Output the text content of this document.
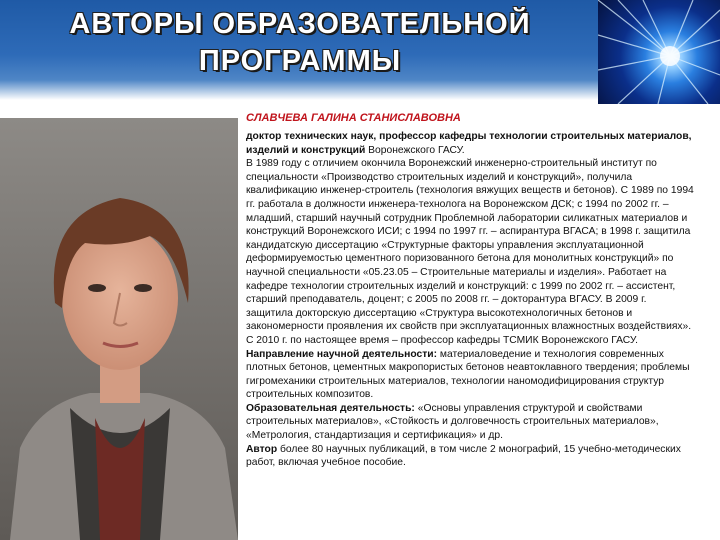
АВТОРЫ ОБРАЗОВАТЕЛЬНОЙ
ПРОГРАММЫ
СЛАВЧЕВА ГАЛИНА СТАНИСЛАВОВНА

доктор технических наук, профессор кафедры технологии строительных материалов, изделий и конструкций Воронежского ГАСУ.
В 1989 году с отличием окончила Воронежский инженерно-строительный институт по специальности «Производство строительных изделий и конструкций», получила квалификацию инженер-строитель (технология вяжущих веществ и бетонов). С 1989 по 1994 гг. работала в должности инженера-технолога на Воронежском ДСК; с 1994 по 2002 гг. – младший, старший научный сотрудник Проблемной лаборатории силикатных материалов и конструкций Воронежского ИСИ; с 1994 по 1997 гг. – аспирантура ВГАСА; в 1998 г. защитила кандидатскую диссертацию «Структурные факторы управления эксплуатационной деформируемостью цементного поризованного бетона для монолитных конструкций» по научной специальности «05.23.05 – Строительные материалы и изделия». Работает на кафедре технологии строительных изделий и конструкций: с 1999 по 2002 гг. – ассистент, старший преподаватель, доцент; с 2005 по 2008 гг. – докторантура ВГАСУ. В 2009 г. защитила докторскую диссертацию «Структура высокотехнологичных бетонов и закономерности проявления их свойств при эксплуатационных влажностных воздействиях». С 2010 г. по настоящее время – профессор кафедры ТСМИК Воронежского ГАСУ.
Направление научной деятельности: материаловедение и технология современных плотных бетонов, цементных макропористых бетонов неавтоклавного твердения; проблемы гигромеханики строительных материалов, технологии наномодифицирования структур строительных композитов.
Образовательная деятельность: «Основы управления структурой и свойствами строительных материалов», «Стойкость и долговечность строительных материалов», «Метрология, стандартизация и сертификация» и др.
Автор более 80 научных публикаций, в том числе 2 монографий, 15 учебно-методических работ, включая учебное пособие.
